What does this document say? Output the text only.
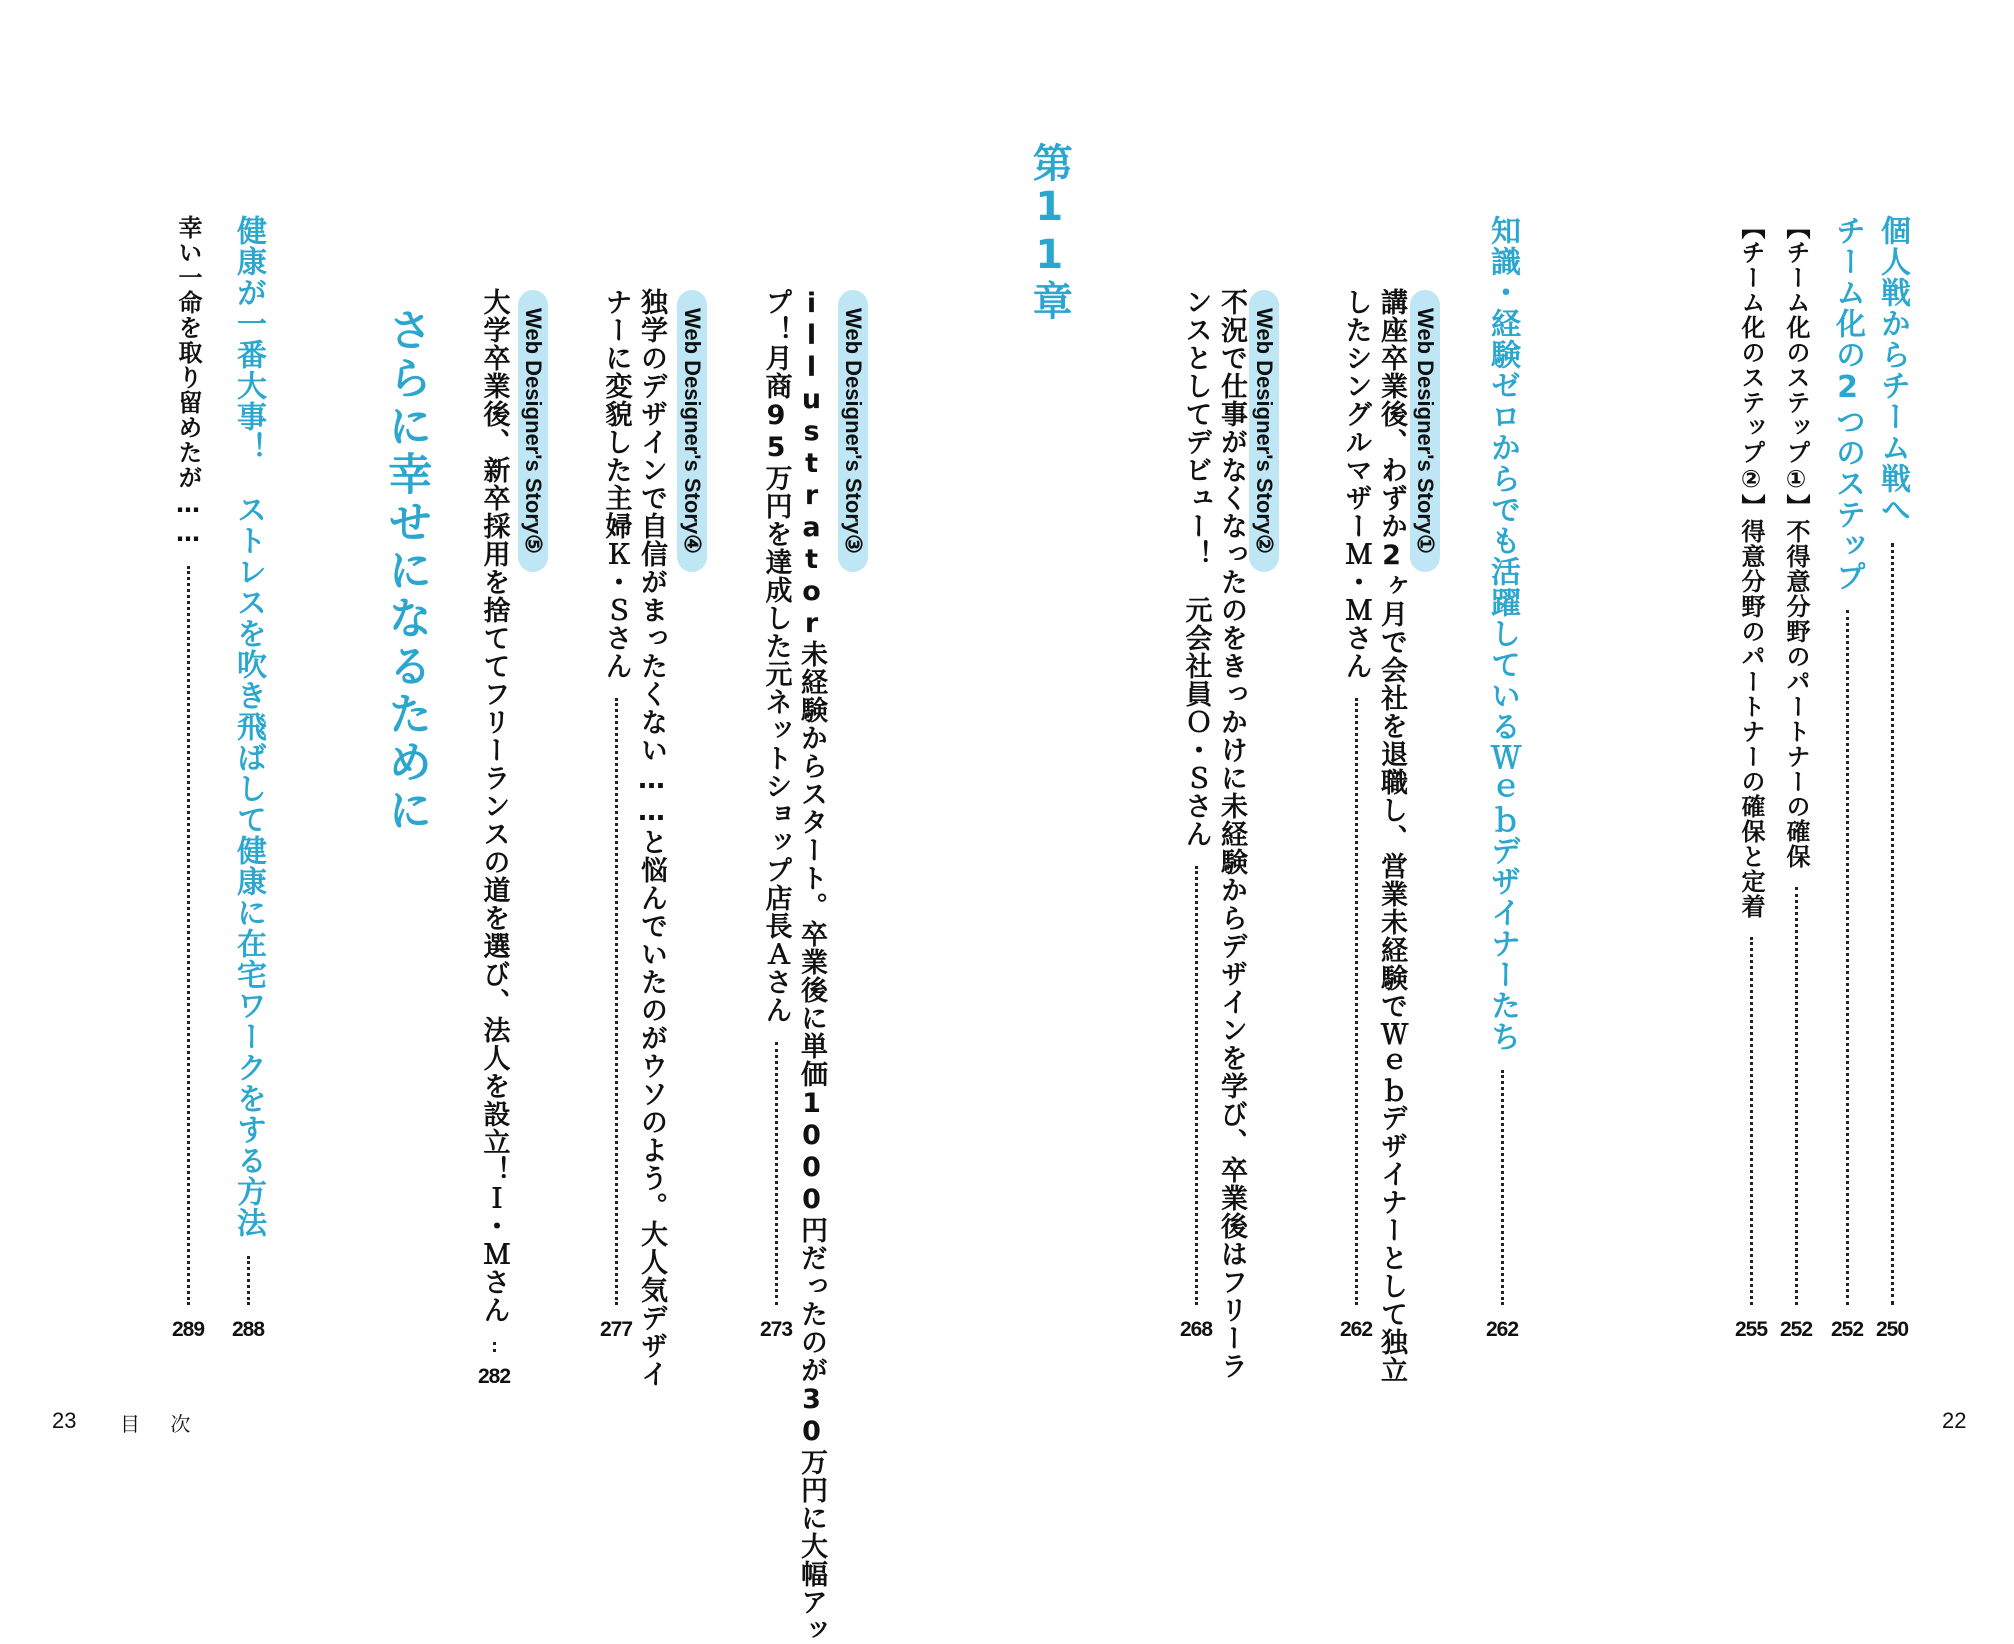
個人戦からチーム戦へ
250
チーム化の2つのステップ
252
【チーム化のステップ①】不得意分野のパートナーの確保
252
【チーム化のステップ②】得意分野のパートナーの確保と定着
255
知識・経験ゼロからでも活躍しているＷｅｂデザイナーたち
262
Web Designer's Story①
講座卒業後、わずか2ヶ月で会社を退職し、営業未経験でＷｅｂデザイナーとして独立
したシングルマザーＭ・Ｍさん
262
Web Designer's Story②
不況で仕事がなくなったのをきっかけに未経験からデザインを学び、卒業後はフリーラ
ンスとしてデビュー！　元会社員Ｏ・Ｓさん
268
22
Web Designer's Story③
illustrator未経験からスタート。卒業後に単価1000円だったのが30万円に大幅アッ
プ！月商95万円を達成した元ネットショップ店長Ａさん
273
Web Designer's Story④
独学のデザインで自信がまったくない……と悩んでいたのがウソのよう。大人気デザイ
ナーに変貌した主婦Ｋ・Ｓさん
277
Web Designer's Story⑤
大学卒業後、新卒採用を捨ててフリーランスの道を選び、法人を設立！Ｉ・Ｍさん
282
第11章
さらに幸せになるために
健康が一番大事！　ストレスを吹き飛ばして健康に在宅ワークをする方法
288
幸い一命を取り留めたが……
289
23 目 次
